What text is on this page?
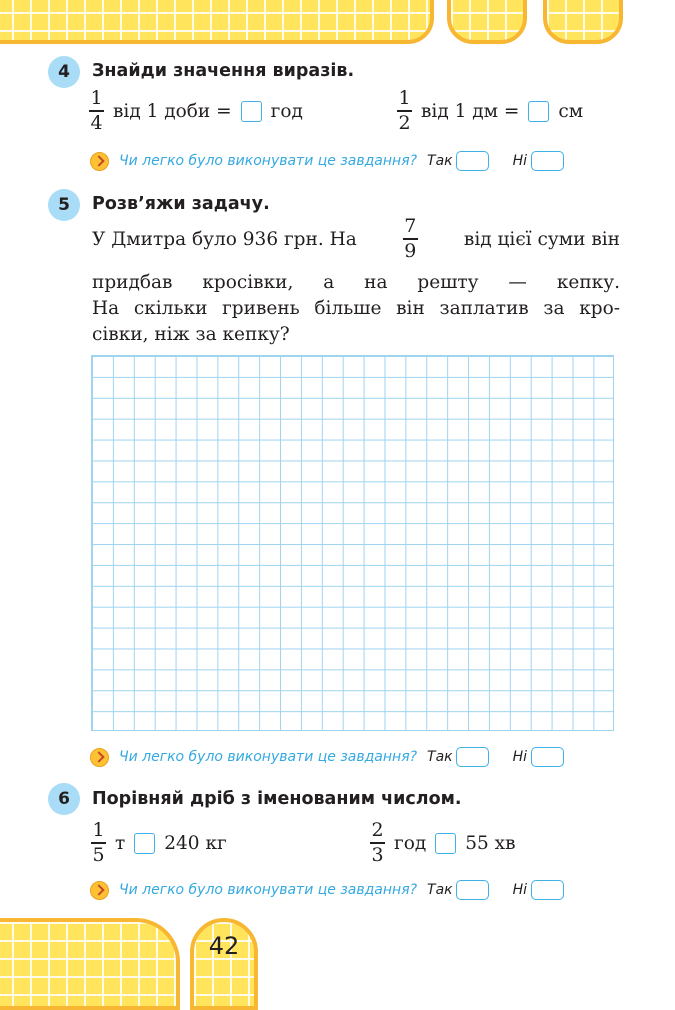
42
4	Знайди значення виразів.
$\frac{1}{4}$ від 1 доби = год	$\frac{1}{2}$ від 1 дм = см
Чи легко було виконувати це завдання? Так	Ні
5	Розв’яжи задачу.
У Дмитра було 936 грн. На $\frac{7}{9}$ від цієї суми він
придбав кросівки, а на решту — кепку.
На скільки гривень більше він заплатив за кро-
сівки, ніж за кепку?
Чи легко було виконувати це завдання? Так	Ні
6	Порівняй дріб з іменованим числом.
$\frac{1}{5}$ т 240 кг	$\frac{2}{3}$ год 55 хв
Чи легко було виконувати це завдання? Так	Ні
